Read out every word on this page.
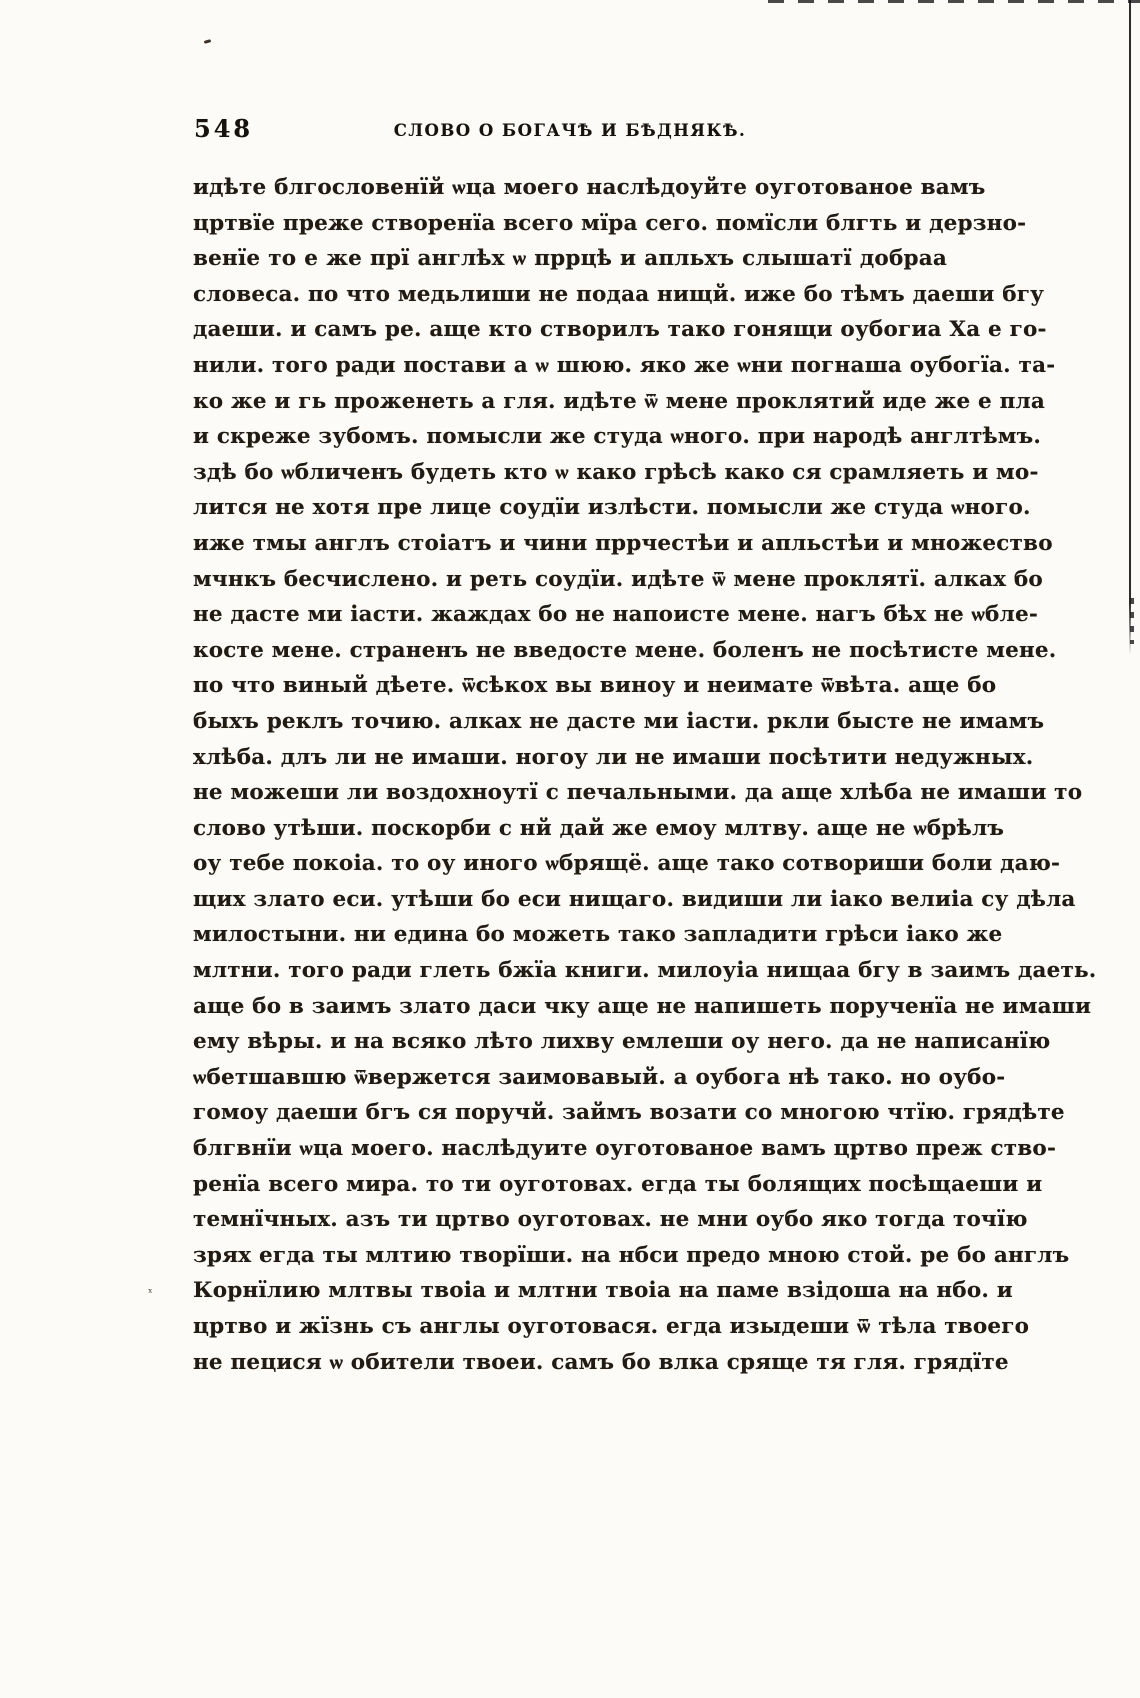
ˣ
548	СЛОВО О БОГАЧѢ И БѢДНЯКѢ.
идѣте блгословенїй ѡца моего наслѣдоуйте оуготованое вамъ
цртвїе преже створенїа всего мїра сего. помїсли блгть и дерзно-
венїе то е же прї англѣх ѡ пррцѣ и апльхъ слышатї добраа
словеса. по что медьлиши не подаа нищй. иже бо тѣмъ даеши бгу
даеши. и самъ ре. аще кто створилъ тако гонящи оубогиа Ха е го-
нили. того ради постави а ѡ шюю. яко же ѡни погнаша оубогїа. та-
ко же и гь проженеть а гля. идѣте ѿ мене проклятий иде же е пла
и скреже зубомъ. помысли же студа ѡного. при народѣ англтѣмъ.
здѣ бо ѡбличенъ будеть кто ѡ како грѣсѣ како ся срамляеть и мо-
лится не хотя пре лице соудїи излѣсти. помысли же студа ѡного.
иже тмы англъ стоіатъ и чини пррчестѣи и апльстѣи и множество
мчнкъ бесчислено. и реть соудїи. идѣте ѿ мене проклятї. алках бо
не дасте ми іасти. жаждах бо не напоисте мене. нагъ бѣх не ѡбле-
косте мене. страненъ не введосте мене. боленъ не посѣтисте мене.
по что виный дѣете. ѿсѣкох вы виноу и неимате ѿвѣта. аще бо
быхъ реклъ точию. алках не дасте ми іасти. ркли бысте не имамъ
хлѣба. длъ ли не имаши. ногоу ли не имаши посѣтити недужных.
не можеши ли воздохноутї с печальными. да аще хлѣба не имаши то
слово утѣши. поскорби с нй дай же емоу млтву. аще не ѡбрѣлъ
оу тебе покоіа. то оу иного ѡбрящё. аще тако сотвориши боли даю-
щих злато еси. утѣши бо еси нищаго. видиши ли іако велиіа су дѣла
милостыни. ни едина бо можеть тако запладити грѣси іако же
млтни. того ради глеть бжїа книги. милоуіа нищаа бгу в заимъ даеть.
аще бо в заимъ злато даси чку аще не напишеть порученїа не имаши
ему вѣры. и на всяко лѣто лихву емлеши оу него. да не написанїю
ѡбетшавшю ѿвержется заимовавый. а оубога нѣ тако. но оубо-
гомоу даеши бгъ ся поручй. займъ возати со многою чтїю. грядѣте
блгвнїи ѡца моего. наслѣдуите оуготованое вамъ цртво преж ство-
ренїа всего мира. то ти оуготовах. егда ты болящих посѣщаеши и
темнїчных. азъ ти цртво оуготовах. не мни оубо яко тогда точїю
зрях егда ты млтию творїши. на нбси предо мною стой. ре бо англъ
Корнїлию млтвы твоіа и млтни твоіа на паме взідоша на нбо. и
цртво и жїзнь съ англы оуготовася. егда изыдеши ѿ тѣла твоего
не пецися ѡ обители твоеи. самъ бо влка сряще тя гля. грядїте
